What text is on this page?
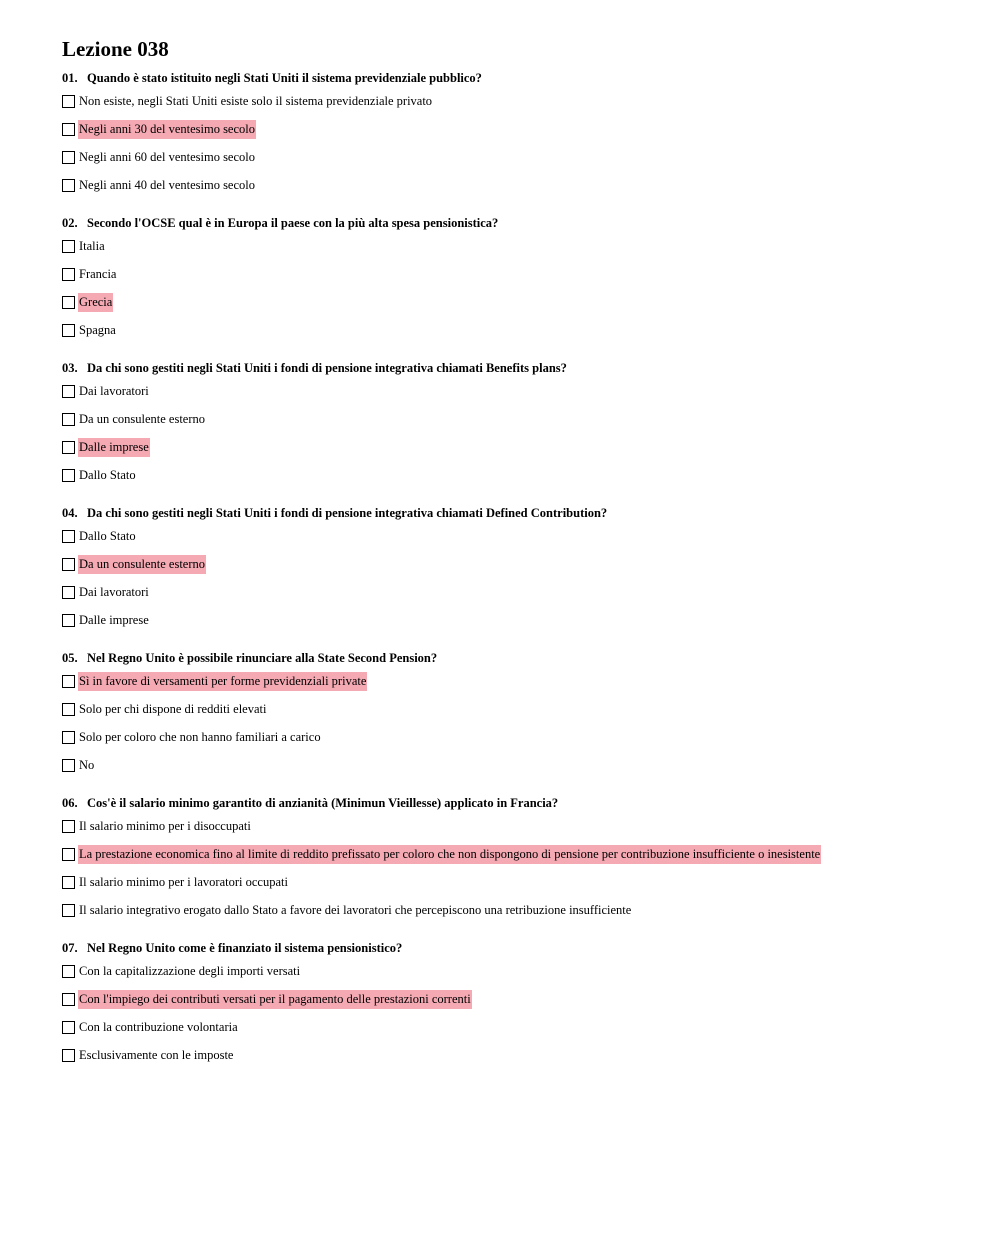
Lezione 038
01. Quando è stato istituito negli Stati Uniti il sistema previdenziale pubblico?
Non esiste, negli Stati Uniti esiste solo il sistema previdenziale privato
Negli anni 30 del ventesimo secolo
Negli anni 60 del ventesimo secolo
Negli anni 40 del ventesimo secolo
02. Secondo l'OCSE qual è in Europa il paese con la più alta spesa pensionistica?
Italia
Francia
Grecia
Spagna
03. Da chi sono gestiti negli Stati Uniti i fondi di pensione integrativa chiamati Benefits plans?
Dai lavoratori
Da un consulente esterno
Dalle imprese
Dallo Stato
04. Da chi sono gestiti negli Stati Uniti i fondi di pensione integrativa chiamati Defined Contribution?
Dallo Stato
Da un consulente esterno
Dai lavoratori
Dalle imprese
05. Nel Regno Unito è possibile rinunciare alla State Second Pension?
Sì in favore di versamenti per forme previdenziali private
Solo per chi dispone di redditi elevati
Solo per coloro che non hanno familiari a carico
No
06. Cos'è il salario minimo garantito di anzianità (Minimun Vieillesse) applicato in Francia?
Il salario minimo per i disoccupati
La prestazione economica fino al limite di reddito prefissato per coloro che non dispongono di pensione per contribuzione insufficiente o inesistente
Il salario minimo per i lavoratori occupati
Il salario integrativo erogato dallo Stato a favore dei lavoratori che percepiscono una retribuzione insufficiente
07. Nel Regno Unito come è finanziato il sistema pensionistico?
Con la capitalizzazione degli importi versati
Con l'impiego dei contributi versati per il pagamento delle prestazioni correnti
Con la contribuzione volontaria
Esclusivamente con le imposte
